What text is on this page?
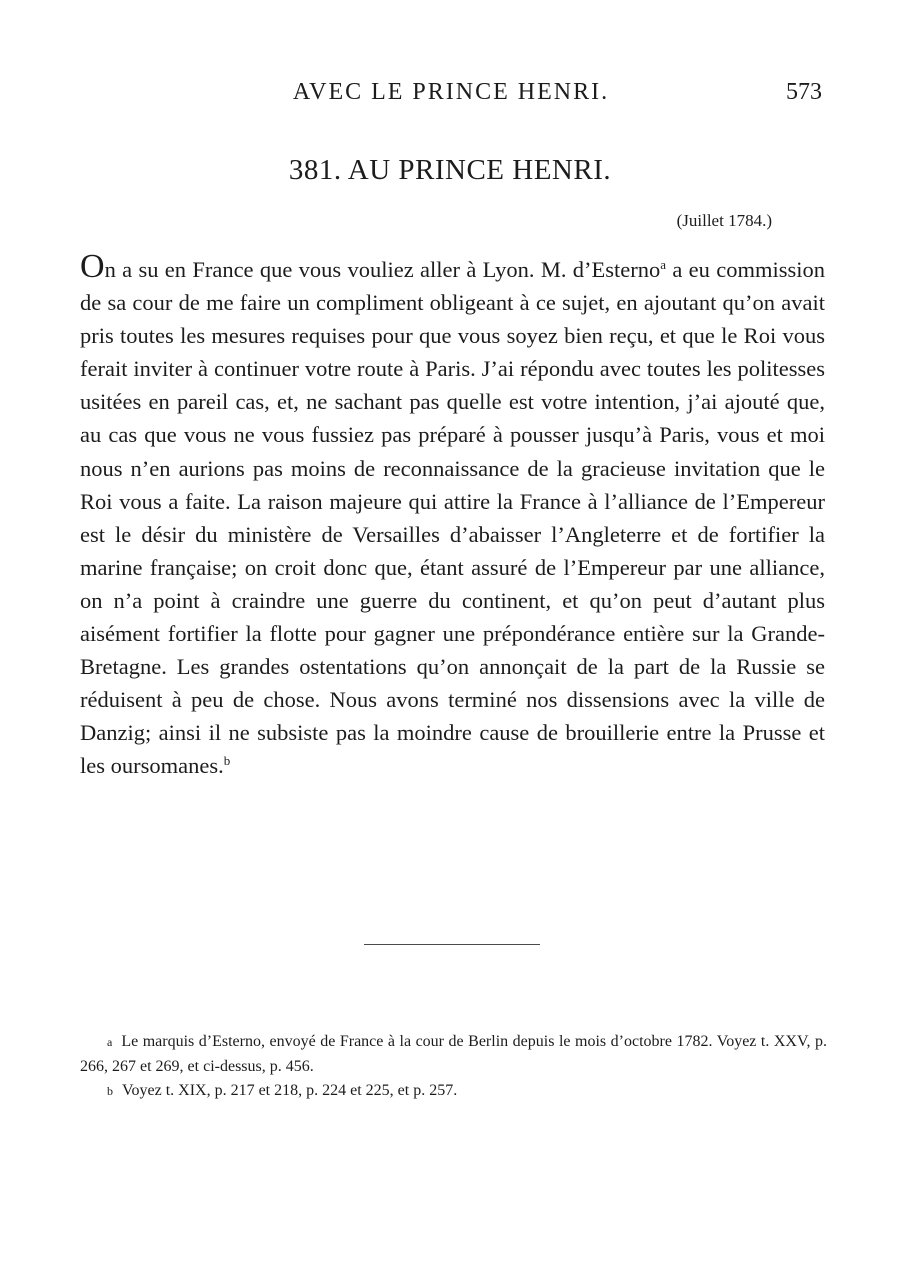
AVEC LE PRINCE HENRI.	573
381. AU PRINCE HENRI.
(Juillet 1784.)

On a su en France que vous vouliez aller à Lyon. M. d’Esterno$^a$ a eu commission de sa cour de me faire un compliment obligeant à ce sujet, en ajoutant qu’on avait pris toutes les mesures requises pour que vous soyez bien reçu, et que le Roi vous ferait inviter à continuer votre route à Paris. J’ai répondu avec toutes les politesses usitées en pareil cas, et, ne sachant pas quelle est votre intention, j’ai ajouté que, au cas que vous ne vous fussiez pas préparé à pousser jusqu’à Paris, vous et moi nous n’en aurions pas moins de reconnaissance de la gracieuse invitation que le Roi vous a faite. La raison majeure qui attire la France à l’alliance de l’Empereur est le désir du ministère de Versailles d’abaisser l’Angleterre et de fortifier la marine française; on croit donc que, étant assuré de l’Empereur par une alliance, on n’a point à craindre une guerre du continent, et qu’on peut d’autant plus aisément fortifier la flotte pour gagner une prépondérance entière sur la Grande-Bretagne. Les grandes ostentations qu’on annonçait de la part de la Russie se réduisent à peu de chose. Nous avons terminé nos dissensions avec la ville de Danzig; ainsi il ne subsiste pas la moindre cause de brouillerie entre la Prusse et les oursomanes.$^b$

a Le marquis d’Esterno, envoyé de France à la cour de Berlin depuis le mois d’octobre 1782. Voyez t. XXV, p. 266, 267 et 269, et ci-dessus, p. 456.

b Voyez t. XIX, p. 217 et 218, p. 224 et 225, et p. 257.
